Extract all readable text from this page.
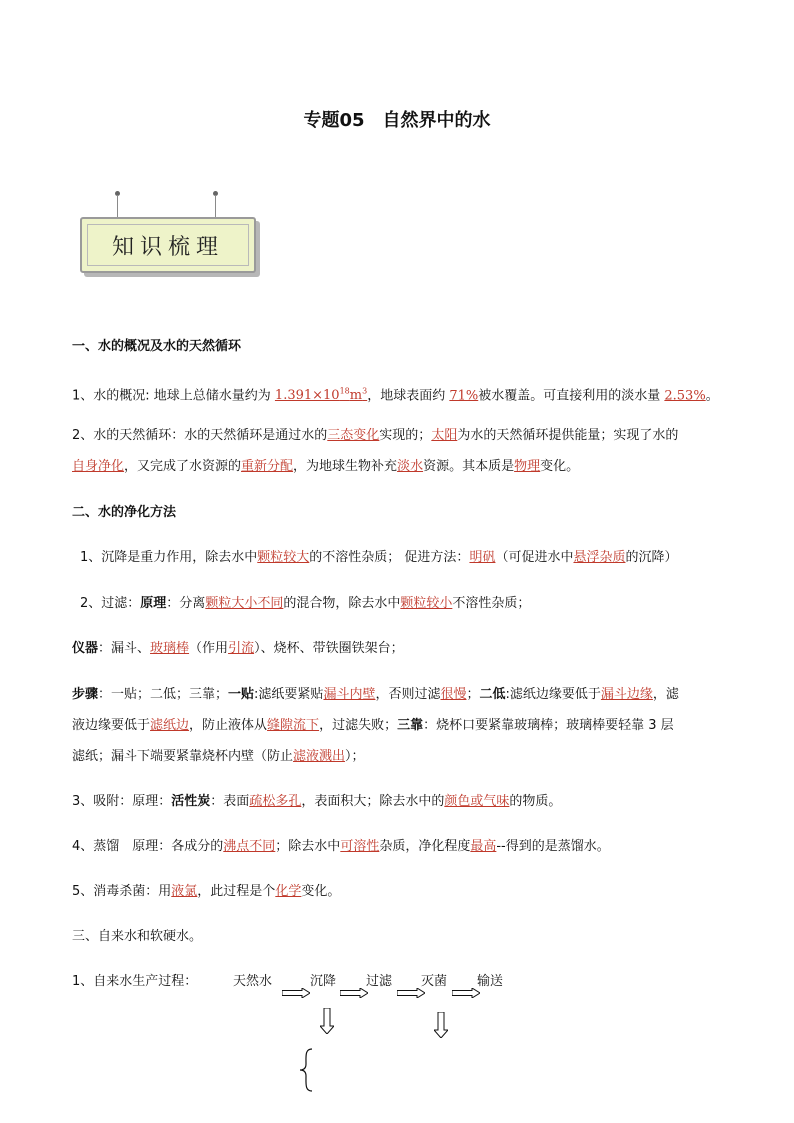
专题05　自然界中的水
知识梳理
一、水的概况及水的天然循环
1、水的概况: 地球上总储水量约为 $1.391\times 10^{18}m^3$，地球表面约 71%被水覆盖。可直接利用的淡水量 2.53%。
2、水的天然循环：水的天然循环是通过水的三态变化实现的；太阳为水的天然循环提供能量；实现了水的
自身净化，又完成了水资源的重新分配，为地球生物补充淡水资源。其本质是物理变化。
二、水的净化方法
1、沉降是重力作用，除去水中颗粒较大的不溶性杂质； 促进方法：明矾（可促进水中悬浮杂质的沉降）
2、过滤：原理：分离颗粒大小不同的混合物，除去水中颗粒较小不溶性杂质；
仪器：漏斗、玻璃棒（作用引流）、烧杯、带铁圈铁架台；
步骤：一贴；二低；三靠；一贴:滤纸要紧贴漏斗内壁，否则过滤很慢；二低:滤纸边缘要低于漏斗边缘，滤
液边缘要低于滤纸边，防止液体从缝隙流下，过滤失败；三靠：烧杯口要紧靠玻璃棒；玻璃棒要轻靠 3 层
滤纸；漏斗下端要紧靠烧杯内壁（防止滤液溅出）；
3、吸附：原理：活性炭：表面疏松多孔，表面积大；除去水中的颜色或气味的物质。
4、蒸馏　原理：各成分的沸点不同；除去水中可溶性杂质，净化程度最高--得到的是蒸馏水。
5、消毒杀菌：用液氯，此过程是个化学变化。
三、自来水和软硬水。
1、自来水生产过程：	天然水	沉降	过滤	灭菌	输送
